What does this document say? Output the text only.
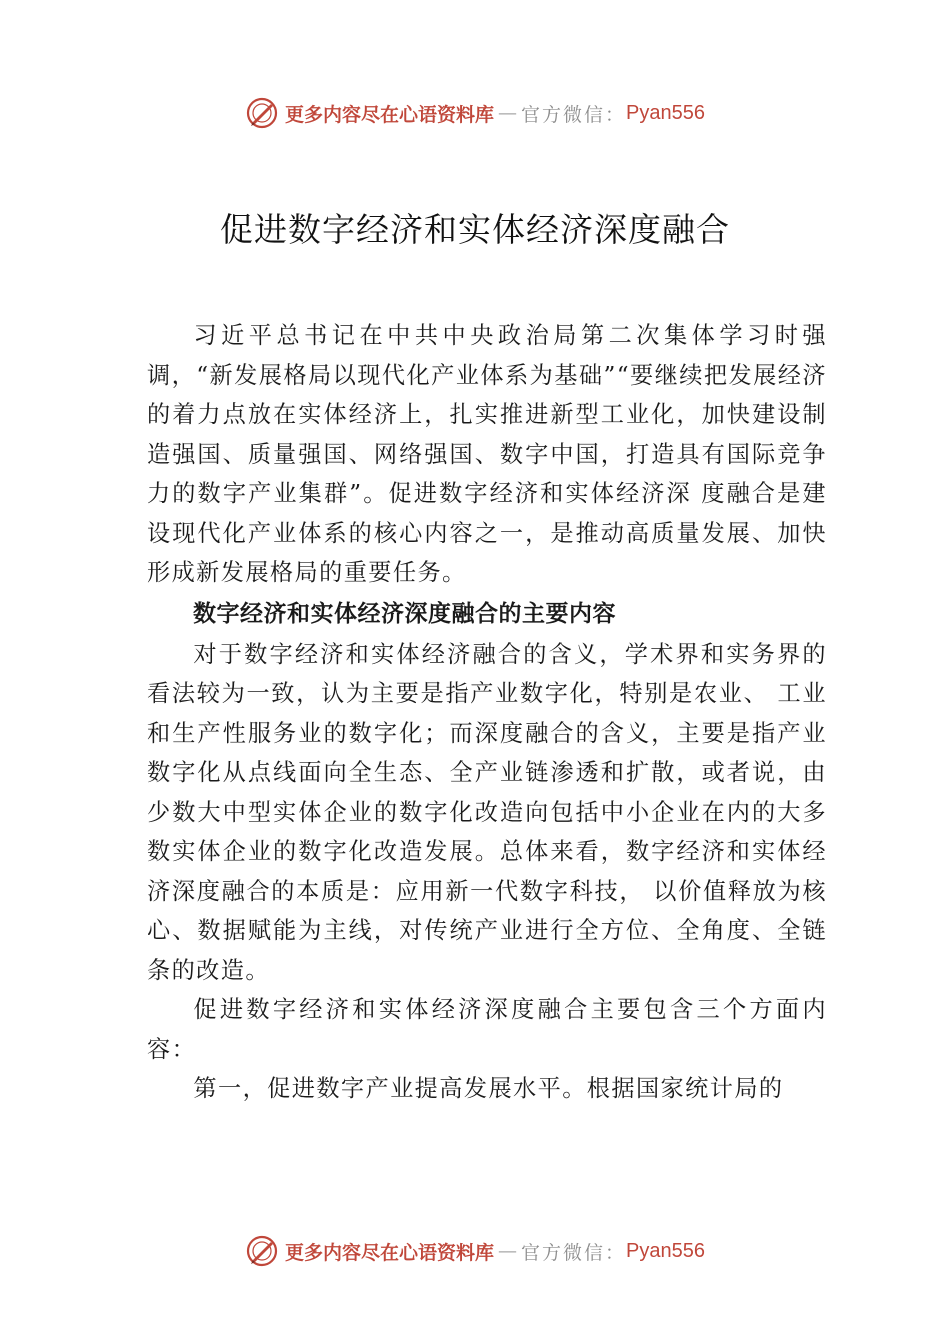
更多内容尽在心语资料库 — 官方微信： Pyan556
促进数字经济和实体经济深度融合

习近平总书记在中共中央政治局第二次集体学习时强调，“新发展格局以现代化产业体系为基础”“要继续把发展经济的着力点放在实体经济上，扎实推进新型工业化，加快建设制造强国、质量强国、网络强国、数字中国，打造具有国际竞争力的数字产业集群”。促进数字经济和实体经济深 度融合是建设现代化产业体系的核心内容之一，是推动高质量发展、加快形成新发展格局的重要任务。

数字经济和实体经济深度融合的主要内容

对于数字经济和实体经济融合的含义，学术界和实务界的看法较为一致，认为主要是指产业数字化，特别是农业、 工业和生产性服务业的数字化；而深度融合的含义，主要是指产业数字化从点线面向全生态、全产业链渗透和扩散，或者说，由少数大中型实体企业的数字化改造向包括中小企业在内的大多数实体企业的数字化改造发展。总体来看，数字经济和实体经济深度融合的本质是：应用新一代数字科技， 以价值释放为核心、数据赋能为主线，对传统产业进行全方位、全角度、全链条的改造。

促进数字经济和实体经济深度融合主要包含三个方面内容：

第一，促进数字产业提高发展水平。根据国家统计局的

更多内容尽在心语资料库 — 官方微信： Pyan556
